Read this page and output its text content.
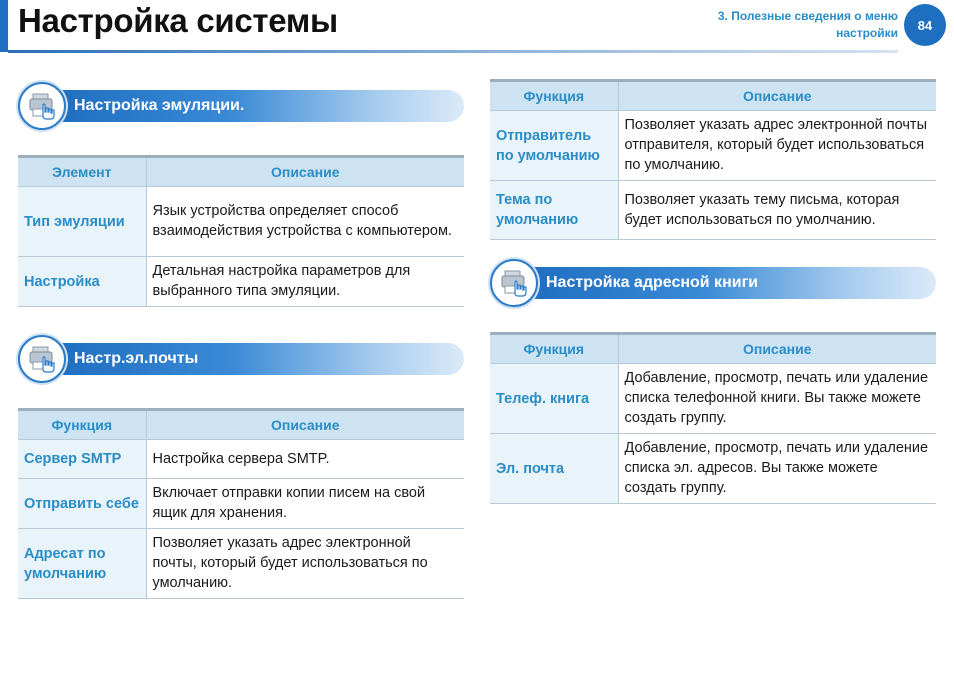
Настройка системы	3. Полезные сведения о меню
настройки
84
Настройка эмуляции.
Элемент	Описание
Тип эмуляции	Язык устройства определяет способ взаимодействия устройства с компьютером.
Настройка	Детальная настройка параметров для выбранного типа эмуляции.
Настр.эл.почты
Функция	Описание
Сервер SMTP	Настройка сервера SMTP.
Отправить себе	Включает отправки копии писем на свой ящик для хранения.
Адресат по умолчанию	Позволяет указать адрес электронной почты, который будет использоваться по умолчанию.
Функция	Описание
Отправитель по умолчанию	Позволяет указать адрес электронной почты отправителя, который будет использоваться по умолчанию.
Тема по умолчанию	Позволяет указать тему письма, которая будет использоваться по умолчанию.
Настройка адресной книги
Функция	Описание
Телеф. книга	Добавление, просмотр, печать или удаление списка телефонной книги. Вы также можете создать группу.
Эл. почта	Добавление, просмотр, печать или удаление списка эл. адресов. Вы также можете создать группу.
